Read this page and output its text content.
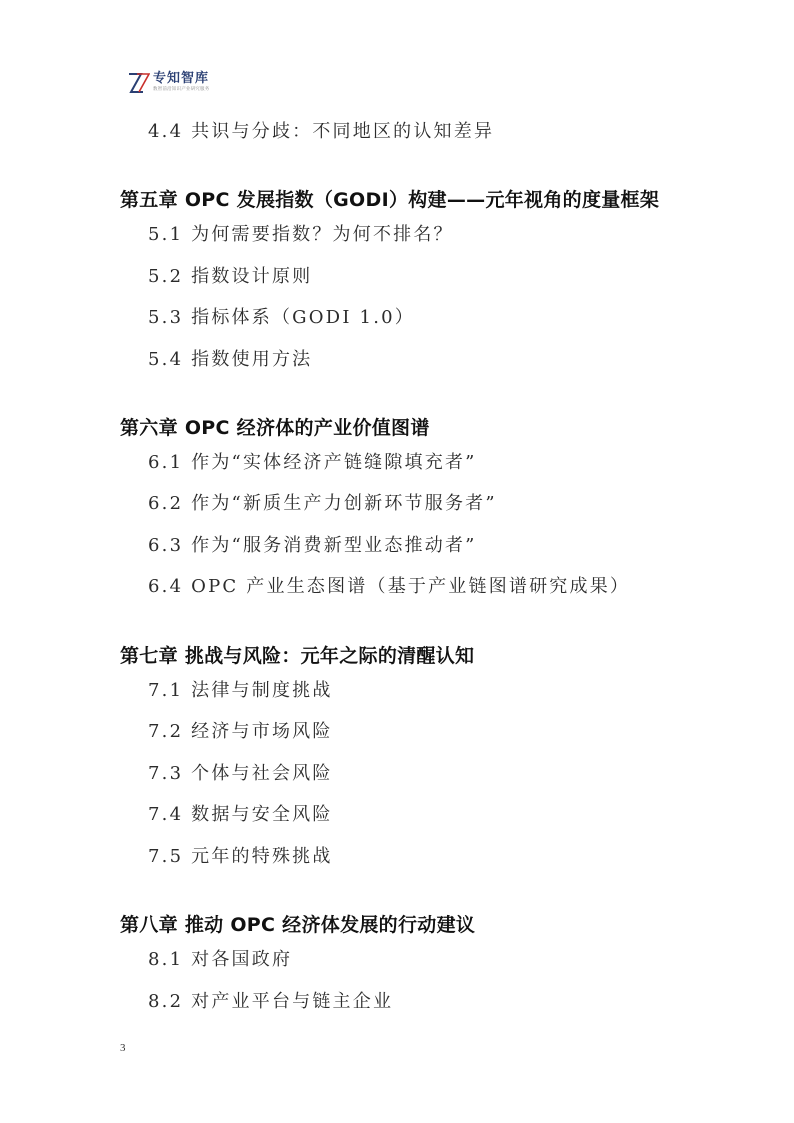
专知智库
数智前沿知识产业研究服务
4.4 共识与分歧：不同地区的认知差异
第五章 OPC 发展指数（GODI）构建——元年视角的度量框架
5.1 为何需要指数？为何不排名？
5.2 指数设计原则
5.3 指标体系（GODI 1.0）
5.4 指数使用方法
第六章 OPC 经济体的产业价值图谱
6.1 作为“实体经济产链缝隙填充者”
6.2 作为“新质生产力创新环节服务者”
6.3 作为“服务消费新型业态推动者”
6.4 OPC 产业生态图谱（基于产业链图谱研究成果）
第七章 挑战与风险：元年之际的清醒认知
7.1 法律与制度挑战
7.2 经济与市场风险
7.3 个体与社会风险
7.4 数据与安全风险
7.5 元年的特殊挑战
第八章 推动 OPC 经济体发展的行动建议
8.1 对各国政府
8.2 对产业平台与链主企业
3
